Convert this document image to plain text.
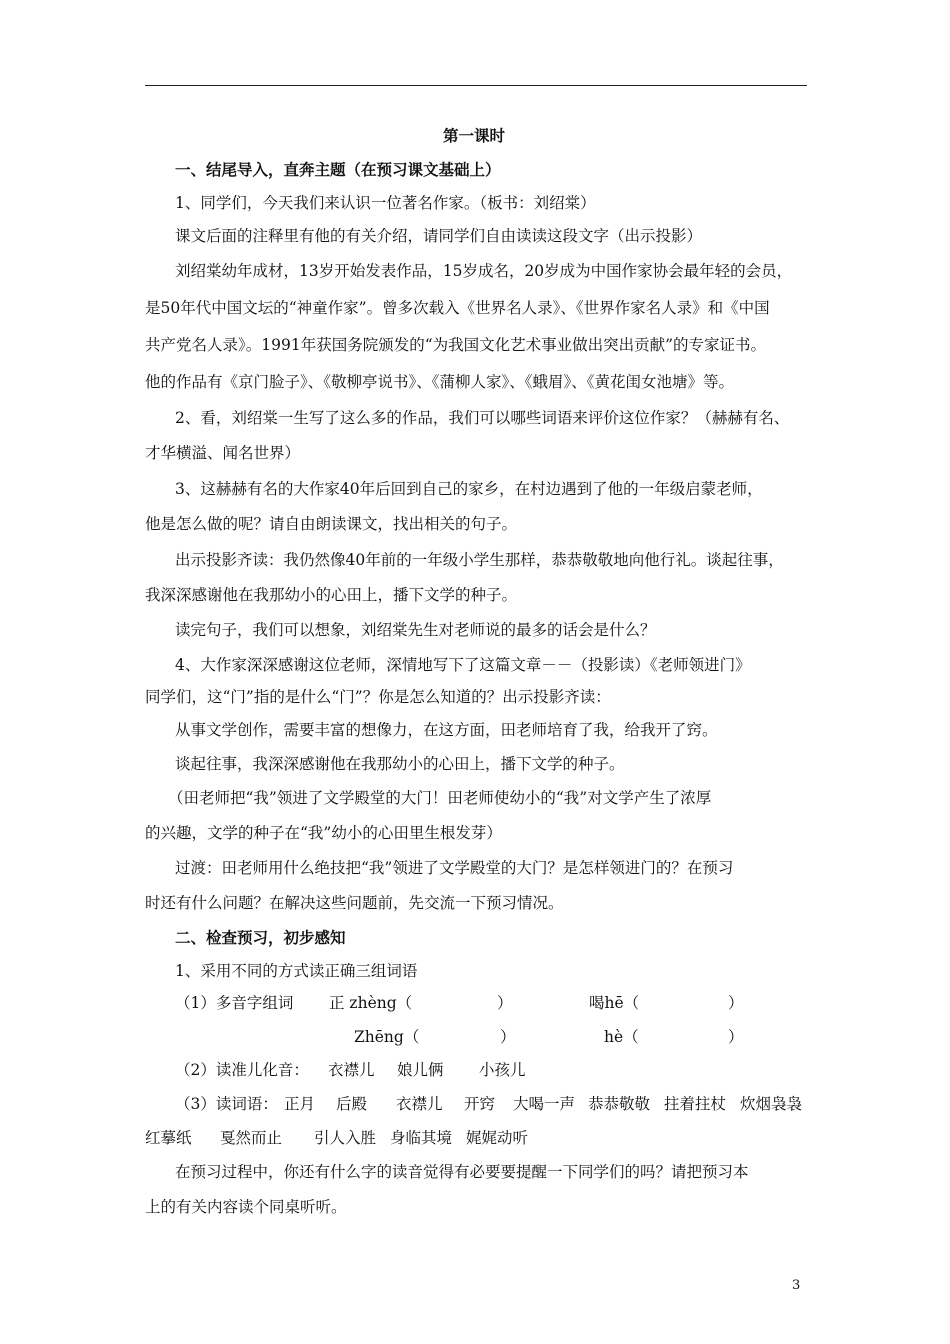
第一课时
一、结尾导入，直奔主题（在预习课文基础上）
1、同学们，今天我们来认识一位著名作家。（板书：刘绍棠）
课文后面的注释里有他的有关介绍，请同学们自由读读这段文字（出示投影）
刘绍棠幼年成材，13岁开始发表作品，15岁成名，20岁成为中国作家协会最年轻的会员，
是50年代中国文坛的“神童作家”。曾多次载入《世界名人录》、《世界作家名人录》和《中国
共产党名人录》。1991年获国务院颁发的“为我国文化艺术事业做出突出贡献”的专家证书。
他的作品有《京门脸子》、《敬柳亭说书》、《蒲柳人家》、《蛾眉》、《黄花闺女池塘》等。
2、看，刘绍棠一生写了这么多的作品，我们可以哪些词语来评价这位作家？（赫赫有名、
才华横溢、闻名世界）
3、这赫赫有名的大作家40年后回到自己的家乡，在村边遇到了他的一年级启蒙老师，
他是怎么做的呢？请自由朗读课文，找出相关的句子。
出示投影齐读：我仍然像40年前的一年级小学生那样，恭恭敬敬地向他行礼。谈起往事，
我深深感谢他在我那幼小的心田上，播下文学的种子。
读完句子，我们可以想象，刘绍棠先生对老师说的最多的话会是什么？
4、大作家深深感谢这位老师，深情地写下了这篇文章－－（投影读）《老师领进门》
同学们，这“门”指的是什么“门”？你是怎么知道的？出示投影齐读：
从事文学创作，需要丰富的想像力，在这方面，田老师培育了我，给我开了窍。
谈起往事，我深深感谢他在我那幼小的心田上，播下文学的种子。
（田老师把“我”领进了文学殿堂的大门！田老师使幼小的“我”对文学产生了浓厚
的兴趣，文学的种子在“我”幼小的心田里生根发芽）
过渡：田老师用什么绝技把“我”领进了文学殿堂的大门？是怎样领进门的？在预习
时还有什么问题？在解决这些问题前，先交流一下预习情况。
二、检查预习，初步感知
1、采用不同的方式读正确三组词语
（1）多音字组词 正 zhèng（	）	喝hē（	）
Zhēng（	）	hè（	）
（2）读准儿化音： 衣襟儿 娘儿俩 小孩儿
（3）读词语： 正月 后殿 衣襟儿 开窍 大喝一声 恭恭敬敬 拄着拄杖 炊烟袅袅
红摹纸 戛然而止 引人入胜 身临其境 娓娓动听
在预习过程中，你还有什么字的读音觉得有必要要提醒一下同学们的吗？请把预习本
上的有关内容读个同桌听听。
3
